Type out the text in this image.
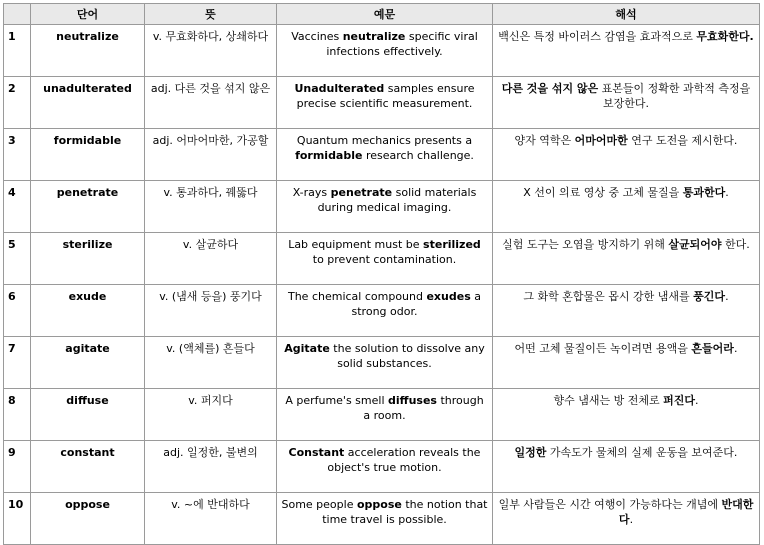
	단어	뜻	예문	해석
1	neutralize	v. 무효화하다, 상쇄하다	Vaccines neutralize specific viral infections effectively.	백신은 특정 바이러스 감염을 효과적으로 무효화한다.
2	unadulterated	adj. 다른 것을 섞지 않은	Unadulterated samples ensure precise scientific measurement.	다른 것을 섞지 않은 표본들이 정확한 과학적 측정을 보장한다.
3	formidable	adj. 어마어마한, 가공할	Quantum mechanics presents a formidable research challenge.	양자 역학은 어마어마한 연구 도전을 제시한다.
4	penetrate	v. 통과하다, 꿰뚫다	X-rays penetrate solid materials during medical imaging.	X 선이 의료 영상 중 고체 물질을 통과한다.
5	sterilize	v. 살균하다	Lab equipment must be sterilized to prevent contamination.	실험 도구는 오염을 방지하기 위해 살균되어야 한다.
6	exude	v. (냄새 등을) 풍기다	The chemical compound exudes a strong odor.	그 화학 혼합물은 몹시 강한 냄새를 풍긴다.
7	agitate	v. (액체를) 흔들다	Agitate the solution to dissolve any solid substances.	어떤 고체 물질이든 녹이려면 용액을 흔들어라.
8	diffuse	v. 퍼지다	A perfume's smell diffuses through a room.	향수 냄새는 방 전체로 퍼진다.
9	constant	adj. 일정한, 불변의	Constant acceleration reveals the object's true motion.	일정한 가속도가 물체의 실제 운동을 보여준다.
10	oppose	v. ~에 반대하다	Some people oppose the notion that time travel is possible.	일부 사람들은 시간 여행이 가능하다는 개념에 반대한다.
